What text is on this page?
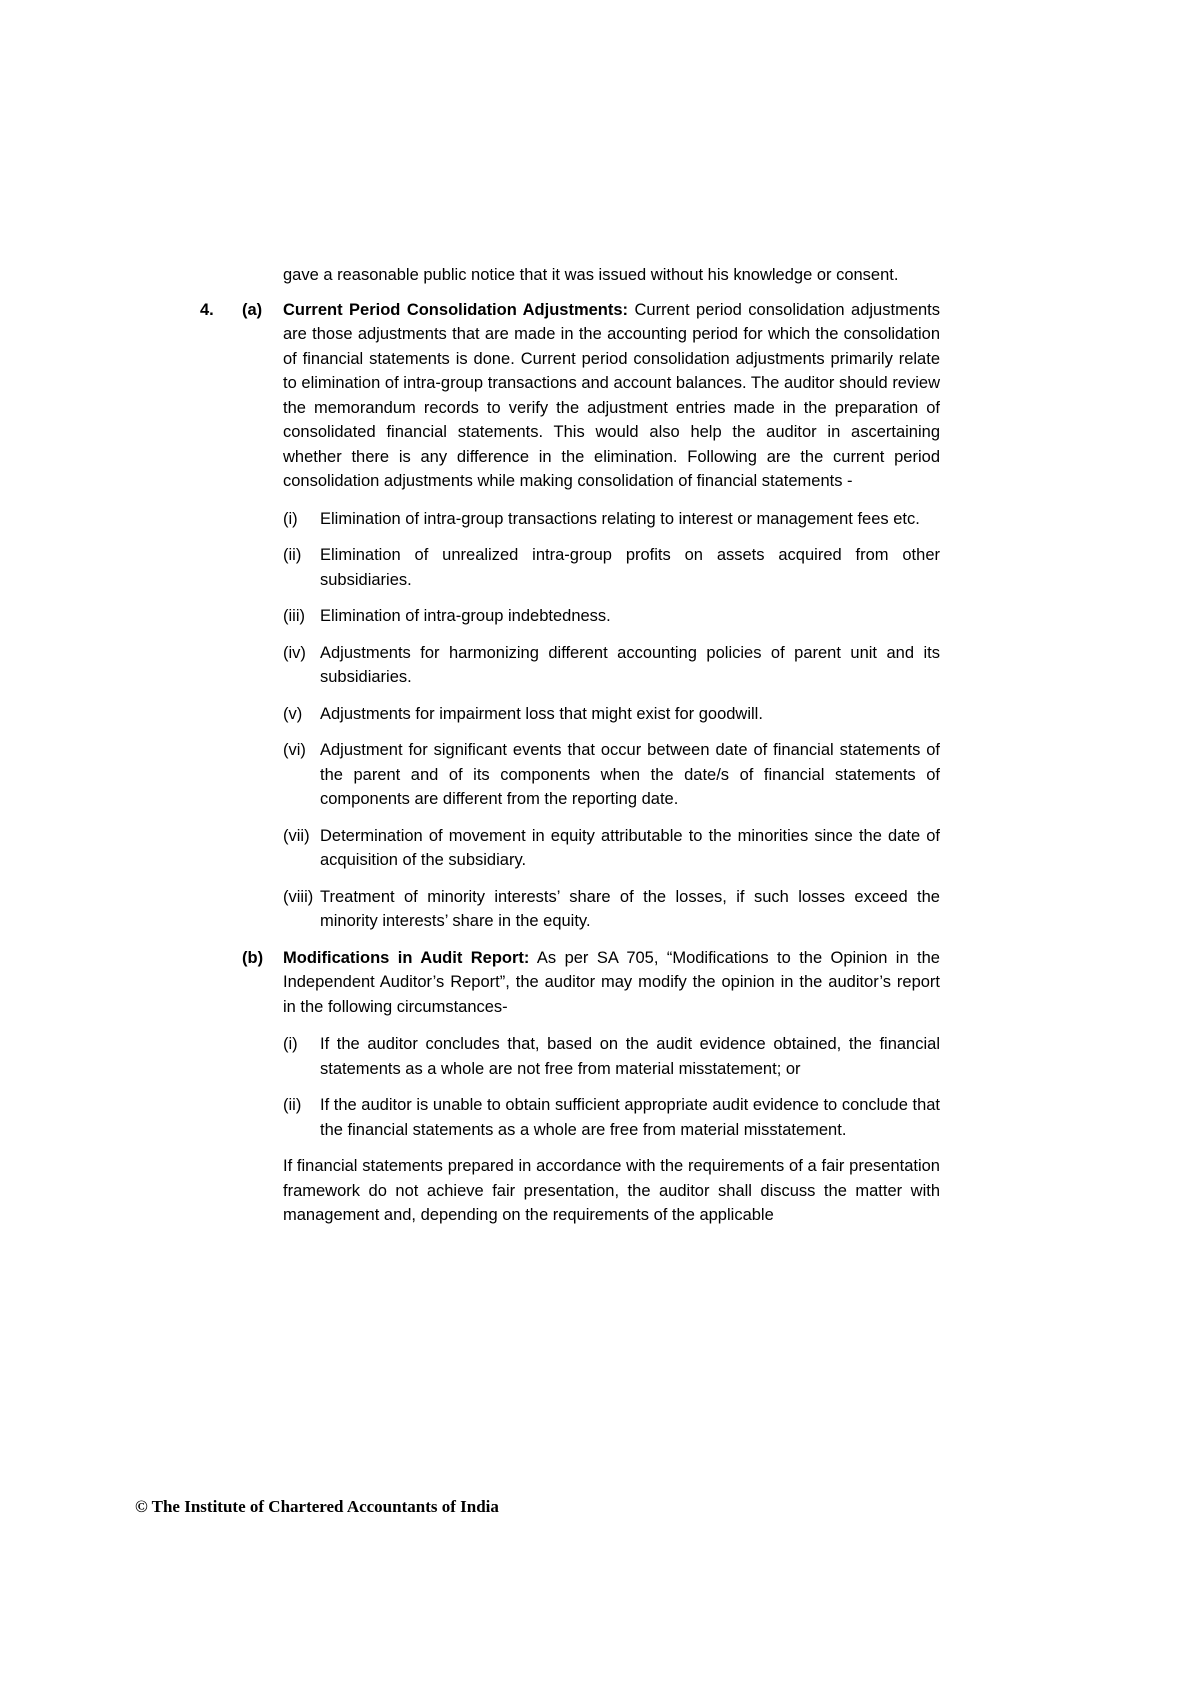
gave a reasonable public notice that it was issued without his knowledge or consent.

4.	(a)	Current Period Consolidation Adjustments: Current period consolidation adjustments are those adjustments that are made in the accounting period for which the consolidation of financial statements is done. Current period consolidation adjustments primarily relate to elimination of intra-group transactions and account balances. The auditor should review the memorandum records to verify the adjustment entries made in the preparation of consolidated financial statements. This would also help the auditor in ascertaining whether there is any difference in the elimination. Following are the current period consolidation adjustments while making consolidation of financial statements -

(i)	Elimination of intra-group transactions relating to interest or management fees etc.
(ii)	Elimination of unrealized intra-group profits on assets acquired from other subsidiaries.
(iii) Elimination of intra-group indebtedness.
(iv) Adjustments for harmonizing different accounting policies of parent unit and its subsidiaries.
(v)	Adjustments for impairment loss that might exist for goodwill.
(vi) Adjustment for significant events that occur between date of financial statements of the parent and of its components when the date/s of financial statements of components are different from the reporting date.
(vii) Determination of movement in equity attributable to the minorities since the date of acquisition of the subsidiary.
(viii) Treatment of minority interests’ share of the losses, if such losses exceed the minority interests’ share in the equity.
(b)	Modifications in Audit Report: As per SA 705, “Modifications to the Opinion in the Independent Auditor’s Report”, the auditor may modify the opinion in the auditor’s report in the following circumstances-

(i)	If the auditor concludes that, based on the audit evidence obtained, the financial statements as a whole are not free from material misstatement; or
(ii)	If the auditor is unable to obtain sufficient appropriate audit evidence to conclude that the financial statements as a whole are free from material misstatement.

If financial statements prepared in accordance with the requirements of a fair presentation framework do not achieve fair presentation, the auditor shall discuss the matter with management and, depending on the requirements of the applicable

© The Institute of Chartered Accountants of India
